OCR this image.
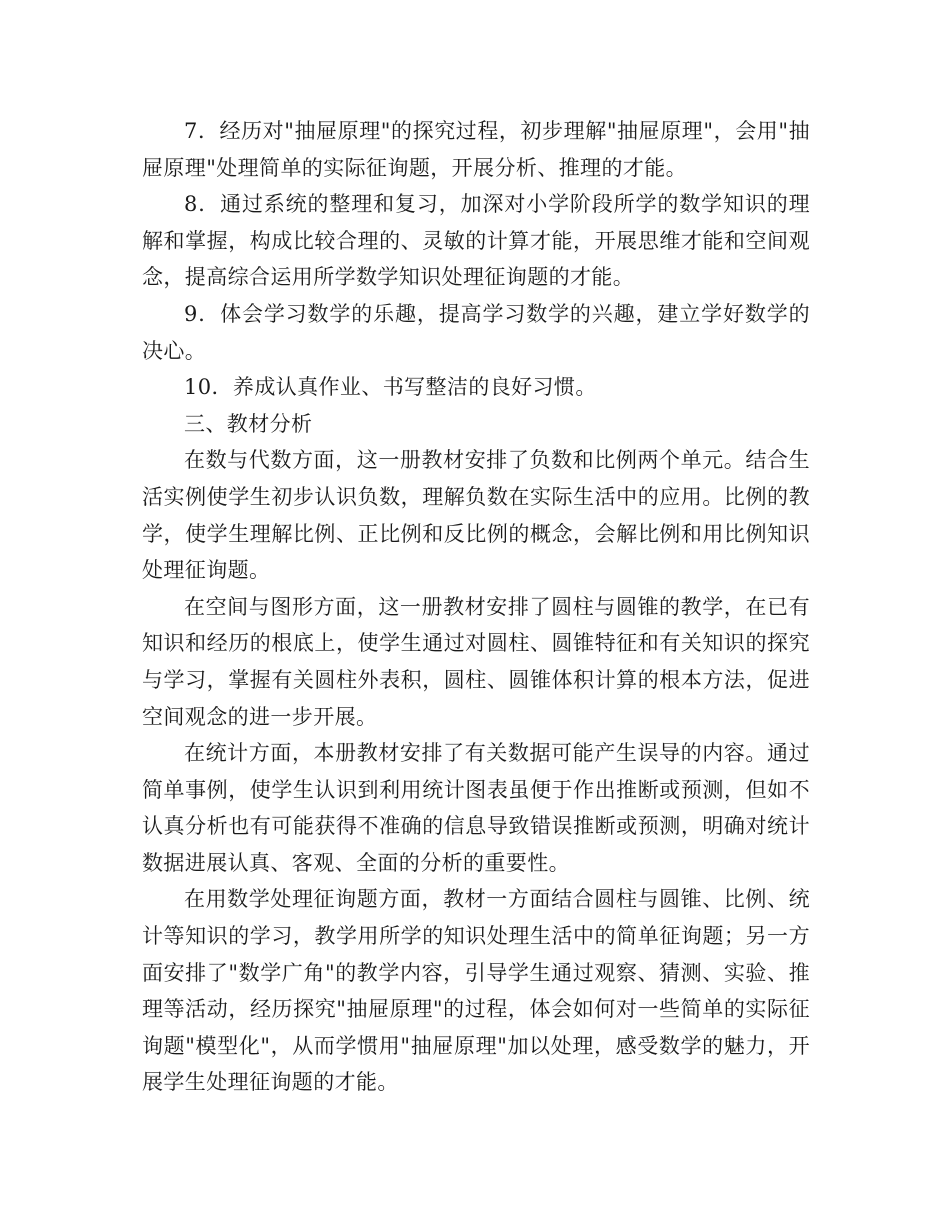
7．经历对"抽屉原理"的探究过程，初步理解"抽屉原理"，会用"抽屉原理"处理简单的实际征询题，开展分析、推理的才能。

8．通过系统的整理和复习，加深对小学阶段所学的数学知识的理解和掌握，构成比较合理的、灵敏的计算才能，开展思维才能和空间观念，提高综合运用所学数学知识处理征询题的才能。

9．体会学习数学的乐趣，提高学习数学的兴趣，建立学好数学的决心。

10．养成认真作业、书写整洁的良好习惯。

三、教材分析

在数与代数方面，这一册教材安排了负数和比例两个单元。结合生活实例使学生初步认识负数，理解负数在实际生活中的应用。比例的教学，使学生理解比例、正比例和反比例的概念，会解比例和用比例知识处理征询题。

在空间与图形方面，这一册教材安排了圆柱与圆锥的教学，在已有知识和经历的根底上，使学生通过对圆柱、圆锥特征和有关知识的探究与学习，掌握有关圆柱外表积，圆柱、圆锥体积计算的根本方法，促进空间观念的进一步开展。

在统计方面，本册教材安排了有关数据可能产生误导的内容。通过简单事例，使学生认识到利用统计图表虽便于作出推断或预测，但如不认真分析也有可能获得不准确的信息导致错误推断或预测，明确对统计数据进展认真、客观、全面的分析的重要性。

在用数学处理征询题方面，教材一方面结合圆柱与圆锥、比例、统计等知识的学习，教学用所学的知识处理生活中的简单征询题；另一方面安排了"数学广角"的教学内容，引导学生通过观察、猜测、实验、推理等活动，经历探究"抽屉原理"的过程，体会如何对一些简单的实际征询题"模型化"，从而学惯用"抽屉原理"加以处理，感受数学的魅力，开展学生处理征询题的才能。
